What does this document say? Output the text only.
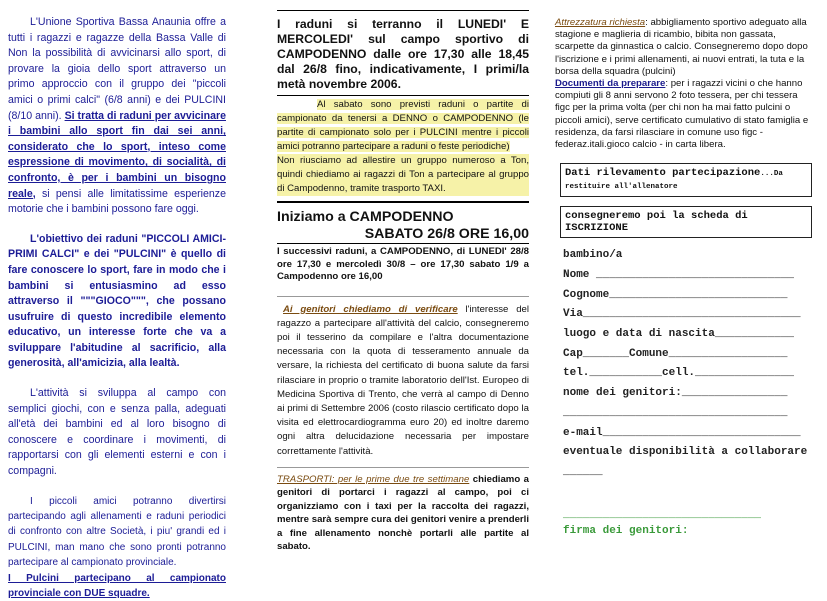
L'Unione Sportiva Bassa Anaunia offre a tutti i ragazzi e ragazze della Bassa Valle di Non la possibilità di avvicinarsi allo sport, di provare la gioia dello sport attraverso un primo approccio con il gruppo dei "piccoli amici o primi calci" (6/8 anni) e dei PULCINI (8/10 anni). Si tratta di raduni per avvicinare i bambini allo sport fin dai sei anni, considerato che lo sport, inteso come espressione di movimento, di socialità, di confronto, è per i bambini un bisogno reale, si pensi alle limitatissime esperienze motorie che i bambini possono fare oggi.

L'obiettivo dei raduni "PICCOLI AMICI-PRIMI CALCI" e dei "PULCINI" è quello di fare conoscere lo sport, fare in modo che i bambini si entusiasmino ad esso attraverso il """GIOCO""", che possano usufruire di questo incredibile elemento educativo, un interesse forte che va a sviluppare l'abitudine al sacrificio, alla generosità, all'amicizia, alla lealtà.

L'attività si sviluppa al campo con semplici giochi, con e senza palla, adeguati all'età dei bambini ed al loro bisogno di conoscere e coordinare i movimenti, di rapportarsi con gli elementi esterni e con i compagni.

I piccoli amici potranno divertirsi partecipando agli allenamenti e raduni periodici di confronto con altre Società, i piu' grandi ed i PULCINI, man mano che sono pronti potranno partecipare al campionato provinciale.

I Pulcini partecipano al campionato provinciale con DUE squadre.

I raduni si terranno il LUNEDI' E MERCOLEDI' sul campo sportivo di CAMPODENNO dalle ore 17,30 alle 18,45 dal 26/8 fino, indicativamente, I primi/la metà novembre 2006.

Al sabato sono previsti raduni o partite di campionato da tenersi a DENNO o CAMPODENNO (le partite di campionato solo per i PULCINI mentre i piccoli amici potranno partecipare a raduni o feste periodiche)

Non riusciamo ad allestire un gruppo numeroso a Ton, quindi chiediamo ai ragazzi di Ton a partecipare al gruppo di Campodenno, tramite trasporto TAXI.

Iniziamo a CAMPODENNO

SABATO 26/8 ORE 16,00

I successivi raduni, a CAMPODENNO, di LUNEDI' 28/8 ore 17,30 e mercoledì 30/8 – ore 17,30 sabato 1/9 a Campodenno ore 16,00

Ai genitori chiediamo di verificare l'interesse del ragazzo a partecipare all'attività del calcio, consegneremo poi il tesserino da compilare e l'altra documentazione necessaria con la quota di tesseramento annuale da versare, la richiesta del certificato di buona salute da farsi rilasciare in proprio o tramite laboratorio dell'Ist. Europeo di Medicina Sportiva di Trento, che verrà al campo di Denno ai primi di Settembre 2006 (costo rilascio certificato dopo la visita ed elettrocardiogramma euro 20) ed inoltre daremo ogni altra delucidazione necessaria per impostare correttamente l'attività.

TRASPORTI: per le prime due tre settimane chiediamo a genitori di portarci i ragazzi al campo, poi ci organizziamo con i taxi per la raccolta dei ragazzi, mentre sarà sempre cura dei genitori venire a prenderli a fine allenamento nonchè portarli alle partite al sabato.

Attrezzatura richiesta: abbigliamento sportivo adeguato alla stagione e maglieria di ricambio, bibita non gassata, scarpette da ginnastica o calcio. Consegneremo dopo dopo l'iscrizione e i primi allenamenti, ai nuovi entrati, la tuta e la borsa della squadra (pulcini)

Documenti da preparare: per i ragazzi vicini o che hanno compiuti gli 8 anni servono 2 foto tessera, per chi tessera figc per la prima volta (per chi non ha mai fatto pulcini o piccoli amici), serve certificato cumulativo di stato famiglia e residenza, da farsi rilasciare in comune uso figc - federaz.itali.gioco calcio - in carta libera.

Dati rilevamento partecipazione...Da restituire all'allenatore
consegneremo poi la scheda di ISCRIZIONE
bambino/a
Nome ______________________________
Cognome___________________________
Via_________________________________
luogo e data di nascita____________
Cap_______Comune__________________
tel.___________cell._______________
nome dei genitori:________________
__________________________________
e-mail______________________________
eventuale disponibilità a collaborare ______
______________________________
firma dei genitori:
